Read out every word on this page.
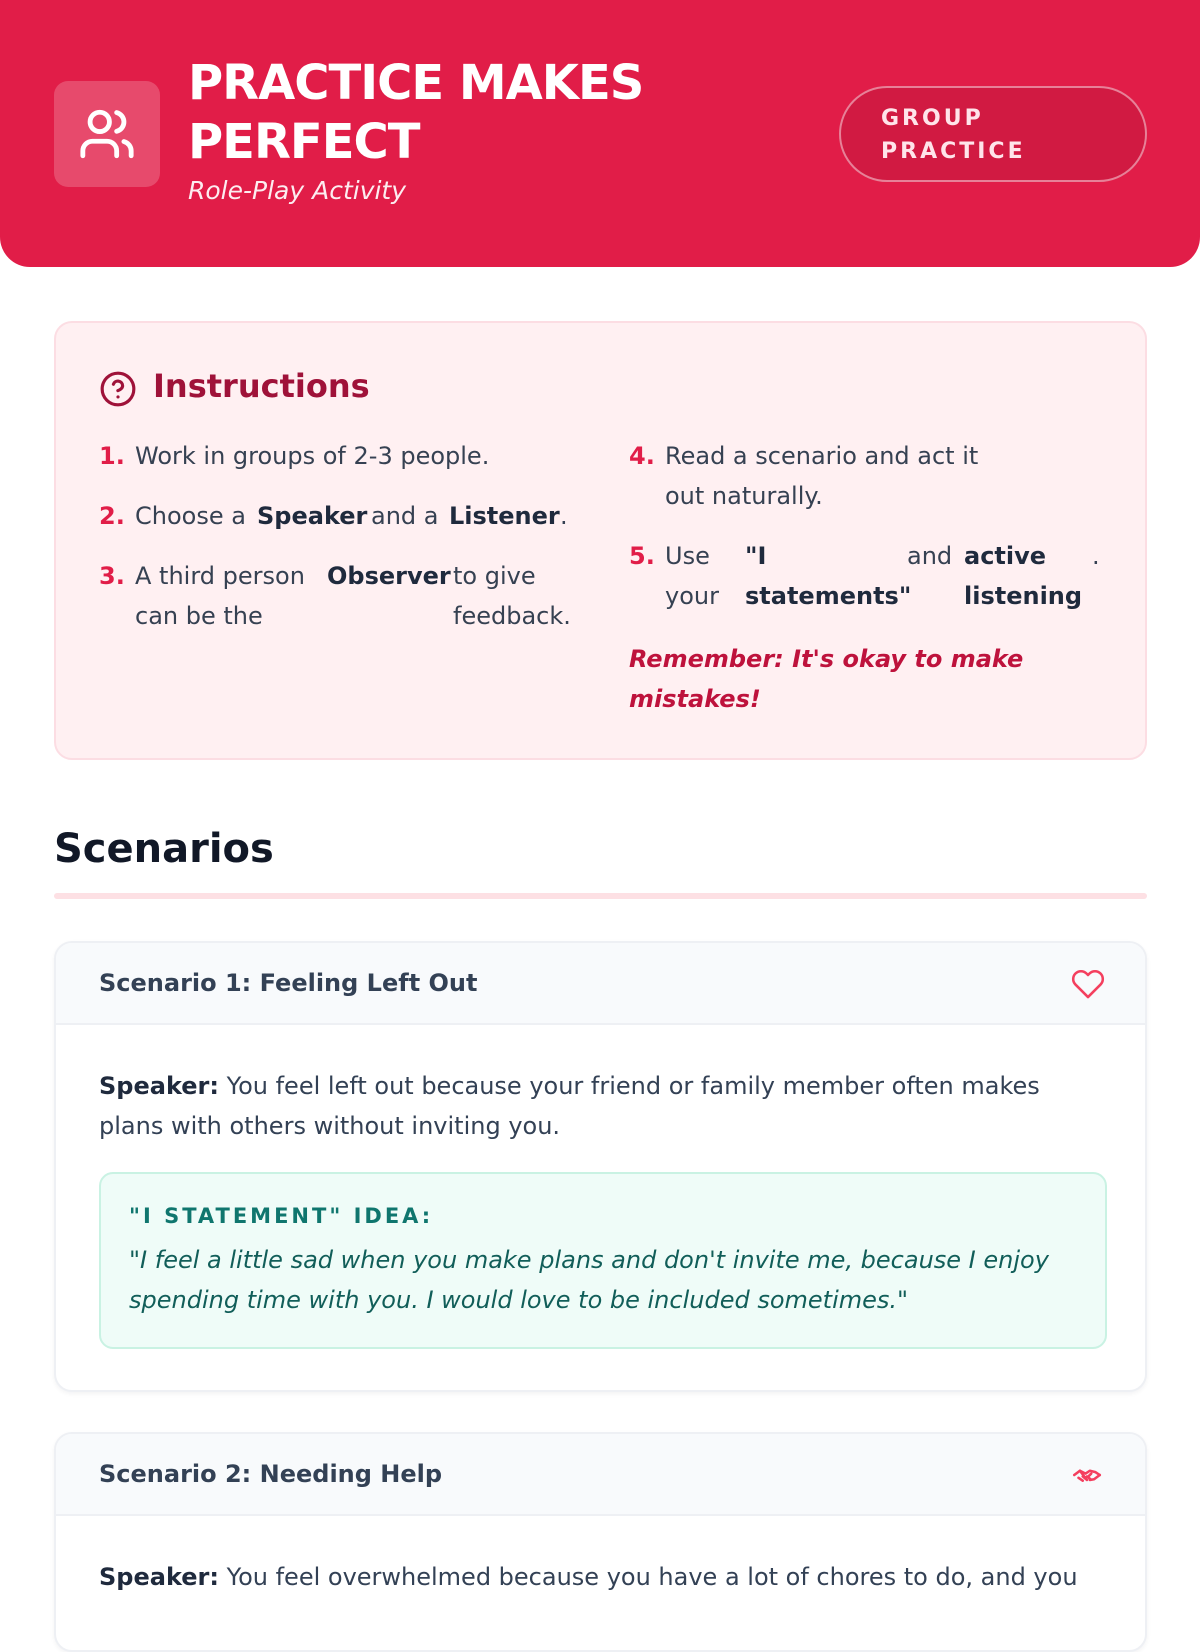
PRACTICE MAKES PERFECT
Role-Play Activity
GROUP PRACTICE
Instructions
1. Work in groups of 2-3 people.
2. Choose a Speaker and a Listener .
3. A third person can be the
Observer to give feedback.
4. Read a scenario and act it out naturally.
5. Use your
"I statements"
and active listening
.
Remember: It's okay to make mistakes!
Scenarios
Scenario 1: Feeling Left Out
Speaker: You feel left out because your friend or family member often makes plans with others without inviting you.
"I STATEMENT" IDEA:
"I feel a little sad when you make plans and don't invite me, because I enjoy spending time with you. I would love to be included sometimes."
Scenario 2: Needing Help
Speaker: You feel overwhelmed because you have a lot of chores to do, and you
